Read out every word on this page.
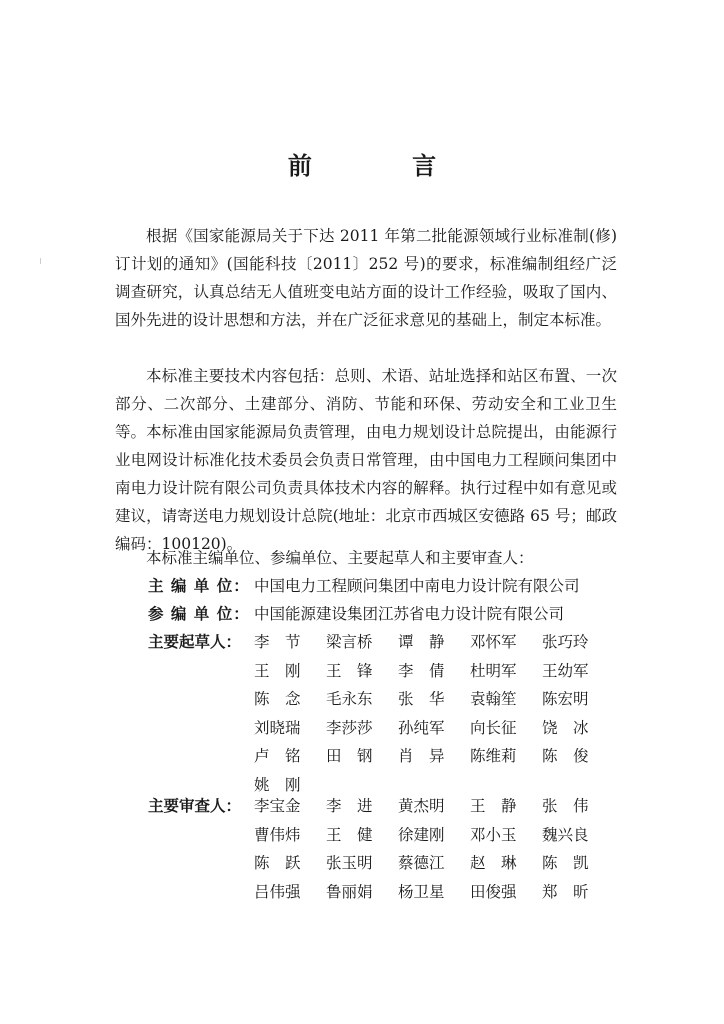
前 言

根据《国家能源局关于下达 2011 年第二批能源领域行业标准制(修)订计划的通知》(国能科技〔2011〕252 号)的要求，标准编制组经广泛调查研究，认真总结无人值班变电站方面的设计工作经验，吸取了国内、国外先进的设计思想和方法，并在广泛征求意见的基础上，制定本标准。

本标准主要技术内容包括：总则、术语、站址选择和站区布置、一次部分、二次部分、土建部分、消防、节能和环保、劳动安全和工业卫生等。 本标准由国家能源局负责管理，由电力规划设计总院提出，由能源行业电网设计标准化技术委员会负责日常管理，由中国电力工程顾问集团中南电力设计院有限公司负责具体技术内容的解释。执行过程中如有意见或建议，请寄送电力规划设计总院(地址：北京市西城区安德路 65 号；邮政编码：100120)。

本标准主编单位、参编单位、主要起草人和主要审查人：
主 编 单 位： 中国电力工程顾问集团中南电力设计院有限公司
参 编 单 位： 中国能源建设集团江苏省电力设计院有限公司
主要起草人： 李　节	梁言桥	谭　静	邓怀军	张巧玲
王　刚	王　锋	李　倩	杜明军	王幼军
陈　念	毛永东	张　华	袁翰笙	陈宏明
刘晓瑞	李莎莎	孙纯军	向长征	饶　冰
卢　铭	田　钢	肖　异	陈维莉	陈　俊
姚　刚
主要审查人： 李宝金	李　进	黄杰明	王　静	张　伟
曹伟炜	王　健	徐建刚	邓小玉	魏兴良
陈　跃	张玉明	蔡德江	赵　琳	陈　凯
吕伟强	鲁丽娟	杨卫星	田俊强	郑　昕
